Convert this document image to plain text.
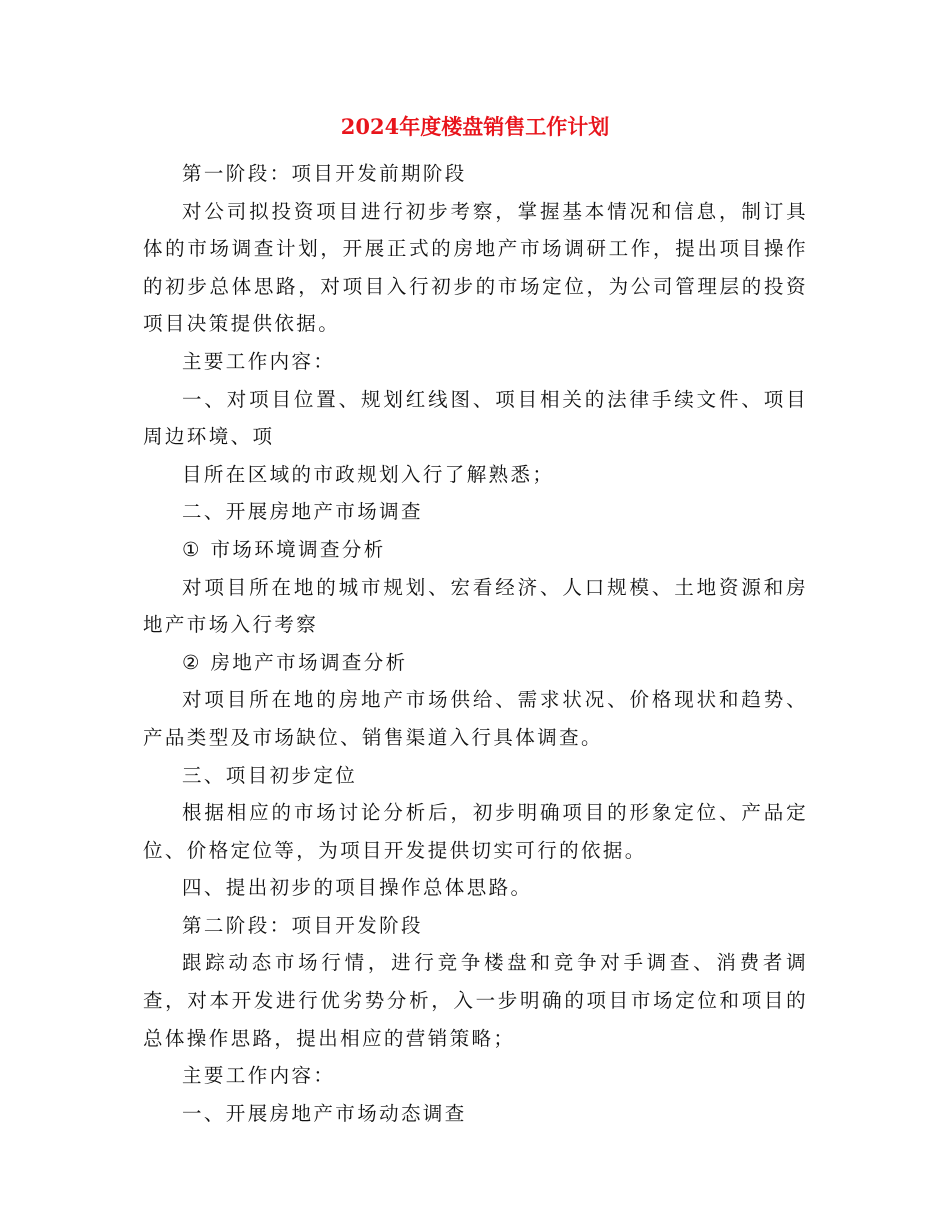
2024年度楼盘销售工作计划

第一阶段：项目开发前期阶段

对公司拟投资项目进行初步考察，掌握基本情况和信息，制订具体的市场调查计划，开展正式的房地产市场调研工作，提出项目操作的初步总体思路，对项目入行初步的市场定位，为公司管理层的投资项目决策提供依据。

主要工作内容：

一、对项目位置、规划红线图、项目相关的法律手续文件、项目周边环境、项

目所在区域的市政规划入行了解熟悉；

二、开展房地产市场调查

① 市场环境调查分析

对项目所在地的城市规划、宏看经济、人口规模、土地资源和房地产市场入行考察

② 房地产市场调查分析

对项目所在地的房地产市场供给、需求状况、价格现状和趋势、产品类型及市场缺位、销售渠道入行具体调查。

三、项目初步定位

根据相应的市场讨论分析后，初步明确项目的形象定位、产品定位、价格定位等，为项目开发提供切实可行的依据。

四、提出初步的项目操作总体思路。

第二阶段：项目开发阶段

跟踪动态市场行情，进行竞争楼盘和竞争对手调查、消费者调查，对本开发进行优劣势分析，入一步明确的项目市场定位和项目的总体操作思路，提出相应的营销策略；

主要工作内容：

一、开展房地产市场动态调查
